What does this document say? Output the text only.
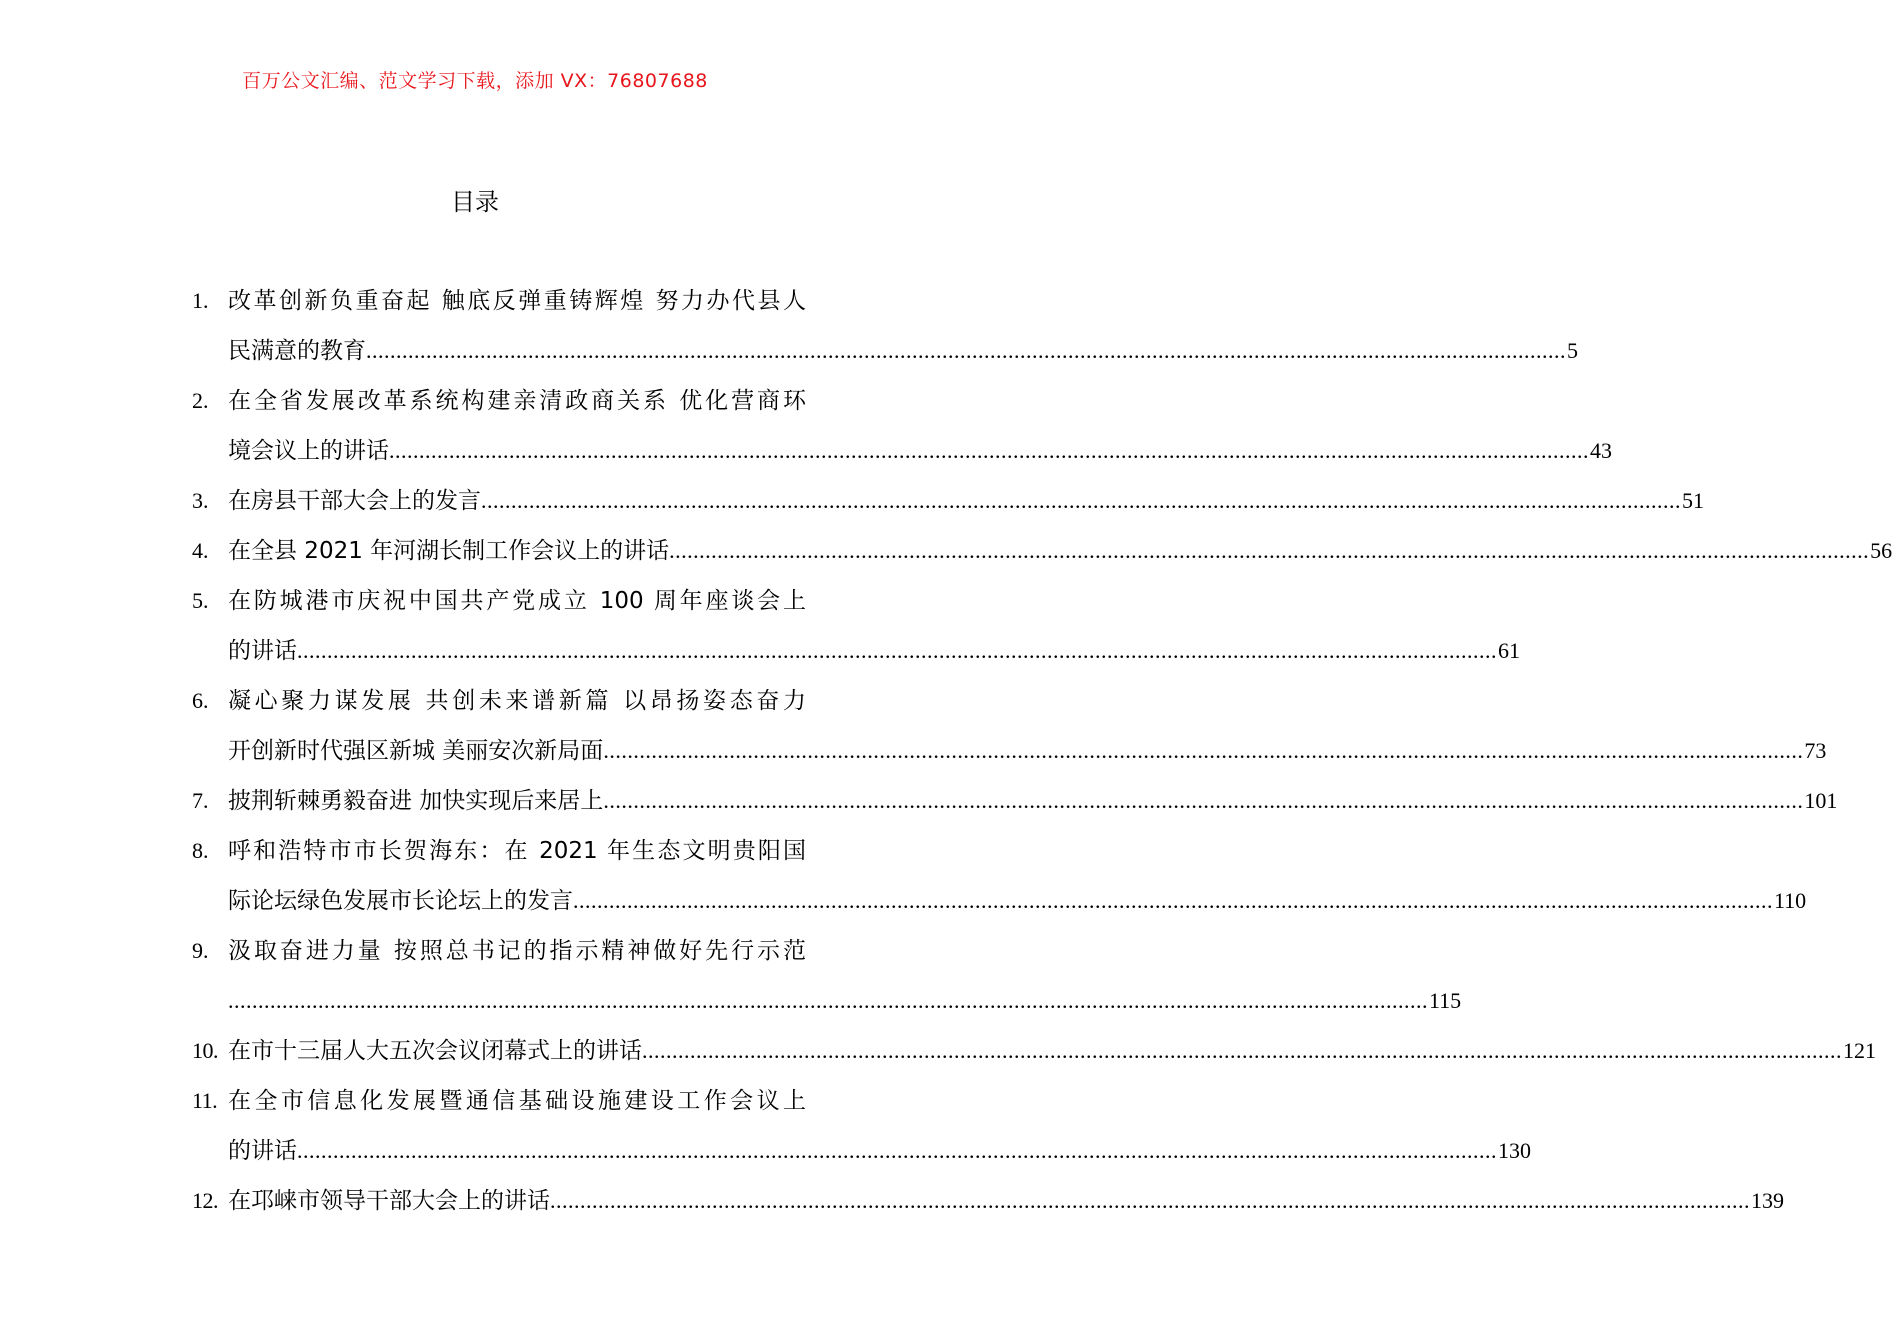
百万公文汇编、范文学习下载，添加 VX：76807688
目录
1. 改革创新负重奋起 触底反弹重铸辉煌 努力办代县人
民满意的教育 ........................................................................................................................................................................................................ 5
2. 在全省发展改革系统构建亲清政商关系 优化营商环
境会议上的讲话 ........................................................................................................................................................................................................ 43
3. 在房县干部大会上的发言 ........................................................................................................................................................................................................ 51
4. 在全县 2021 年河湖长制工作会议上的讲话 ........................................................................................................................................................................................................ 56
5. 在防城港市庆祝中国共产党成立 100 周年座谈会上
的讲话 ........................................................................................................................................................................................................ 61
6. 凝心聚力谋发展 共创未来谱新篇 以昂扬姿态奋力
开创新时代强区新城 美丽安次新局面 ........................................................................................................................................................................................................ 73
7. 披荆斩棘勇毅奋进 加快实现后来居上 ........................................................................................................................................................................................................ 101
8. 呼和浩特市市长贺海东：在 2021 年生态文明贵阳国
际论坛绿色发展市长论坛上的发言 ........................................................................................................................................................................................................ 110
9. 汲取奋进力量 按照总书记的指示精神做好先行示范
........................................................................................................................................................................................................ 115
10. 在市十三届人大五次会议闭幕式上的讲话 ........................................................................................................................................................................................................ 121
11. 在全市信息化发展暨通信基础设施建设工作会议上
的讲话 ........................................................................................................................................................................................................ 130
12. 在邛崃市领导干部大会上的讲话 ........................................................................................................................................................................................................ 139
